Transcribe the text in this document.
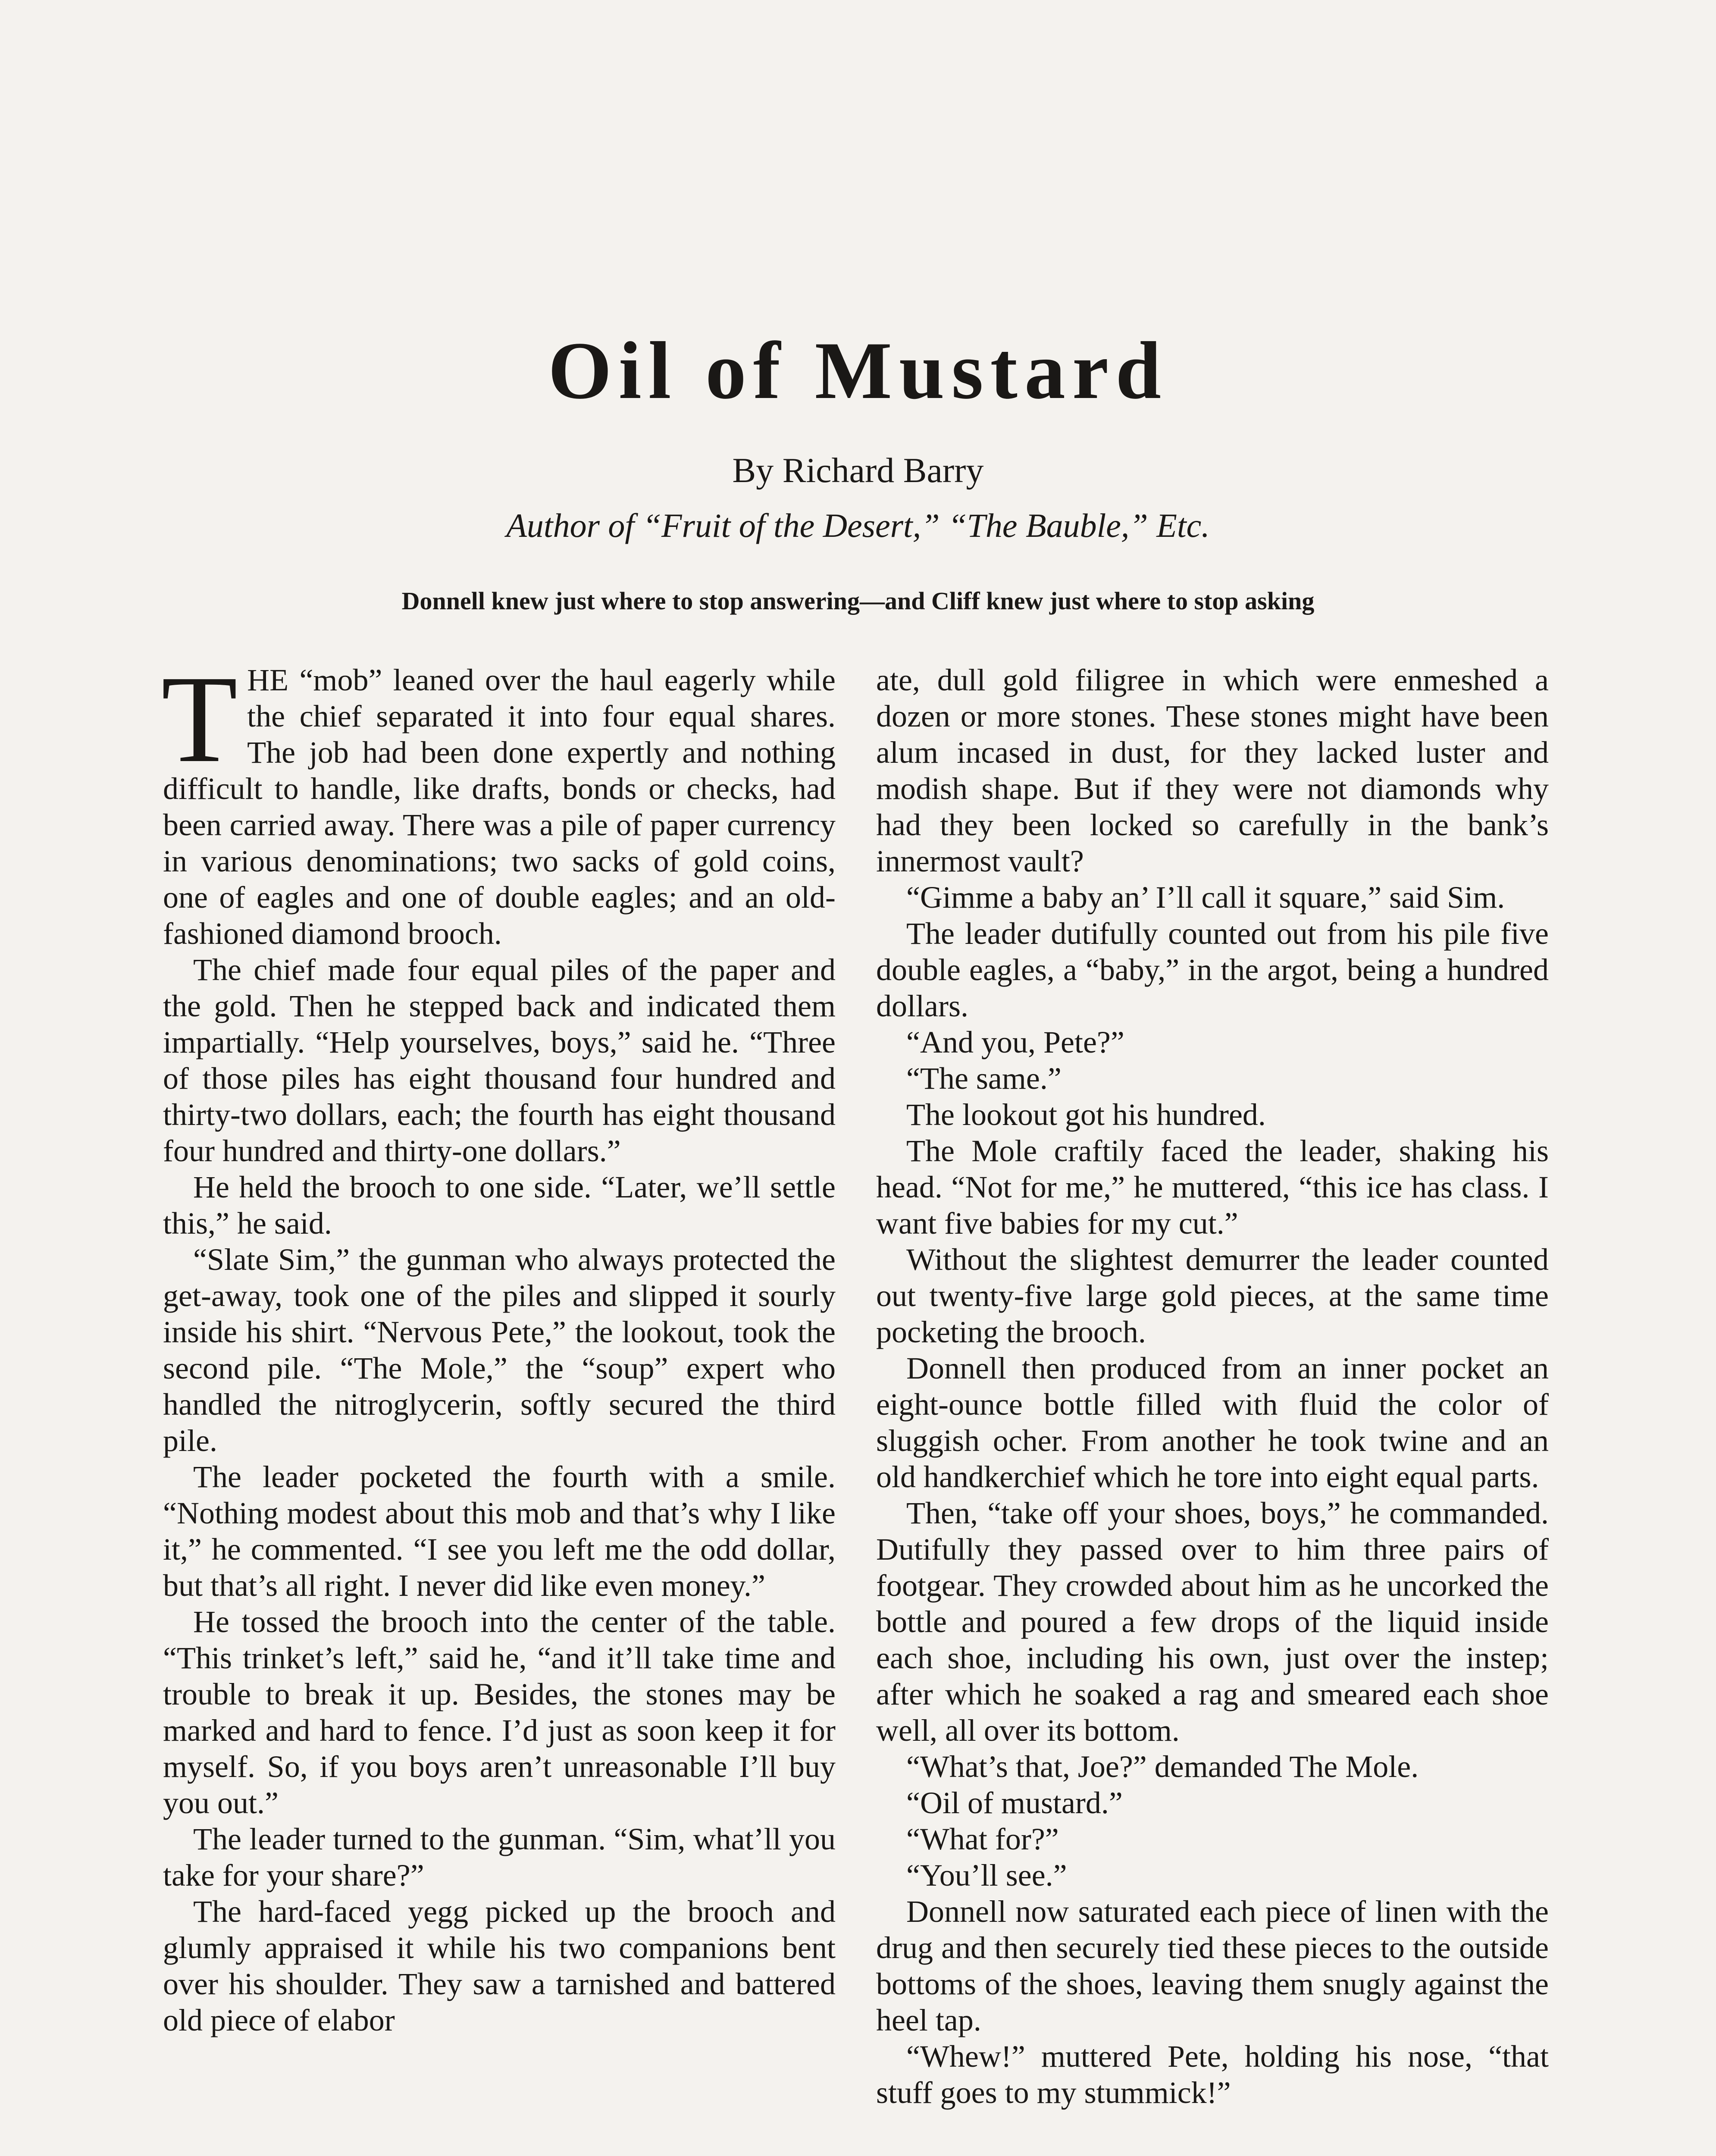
Oil of Mustard
By Richard Barry
Author of “Fruit of the Desert,” “The Bauble,” Etc.
Donnell knew just where to stop answering—and Cliff knew just where to stop asking

THE “mob” leaned over the haul eagerly while the chief separated it into four equal shares. The job had been done expertly and nothing difficult to handle, like drafts, bonds or checks, had been carried away. There was a pile of paper currency in various denominations; two sacks of gold coins, one of eagles and one of double eagles; and an old-fashioned diamond brooch.

The chief made four equal piles of the paper and the gold. Then he stepped back and indicated them impartially. “Help yourselves, boys,” said he. “Three of those piles has eight thousand four hundred and thirty-two dollars, each; the fourth has eight thousand four hundred and thirty-one dollars.”

He held the brooch to one side. “Later, we’ll settle this,” he said.

“Slate Sim,” the gunman who always protected the get-away, took one of the piles and slipped it sourly inside his shirt. “Nervous Pete,” the lookout, took the second pile. “The Mole,” the “soup” expert who handled the nitroglycerin, softly secured the third pile.

The leader pocketed the fourth with a smile. “Nothing modest about this mob and that’s why I like it,” he commented. “I see you left me the odd dollar, but that’s all right. I never did like even money.”

He tossed the brooch into the center of the table. “This trinket’s left,” said he, “and it’ll take time and trouble to break it up. Besides, the stones may be marked and hard to fence. I’d just as soon keep it for myself. So, if you boys aren’t unreasonable I’ll buy you out.”

The leader turned to the gunman. “Sim, what’ll you take for your share?”

The hard-faced yegg picked up the brooch and glumly appraised it while his two companions bent over his shoulder. They saw a tarnished and battered old piece of elabor

ate, dull gold filigree in which were enmeshed a dozen or more stones. These stones might have been alum incased in dust, for they lacked luster and modish shape. But if they were not diamonds why had they been locked so carefully in the bank’s innermost vault?

“Gimme a baby an’ I’ll call it square,” said Sim.

The leader dutifully counted out from his pile five double eagles, a “baby,” in the argot, being a hundred dollars.

“And you, Pete?”

“The same.”

The lookout got his hundred.

The Mole craftily faced the leader, shaking his head. “Not for me,” he muttered, “this ice has class. I want five babies for my cut.”

Without the slightest demurrer the leader counted out twenty-five large gold pieces, at the same time pocketing the brooch.

Donnell then produced from an inner pocket an eight-ounce bottle filled with fluid the color of sluggish ocher. From another he took twine and an old handkerchief which he tore into eight equal parts.

Then, “take off your shoes, boys,” he commanded. Dutifully they passed over to him three pairs of footgear. They crowded about him as he uncorked the bottle and poured a few drops of the liquid inside each shoe, including his own, just over the instep; after which he soaked a rag and smeared each shoe well, all over its bottom.

“What’s that, Joe?” demanded The Mole.

“Oil of mustard.”

“What for?”

“You’ll see.”

Donnell now saturated each piece of linen with the drug and then securely tied these pieces to the outside bottoms of the shoes, leaving them snugly against the heel tap.

“Whew!” muttered Pete, holding his nose, “that stuff goes to my stummick!”
